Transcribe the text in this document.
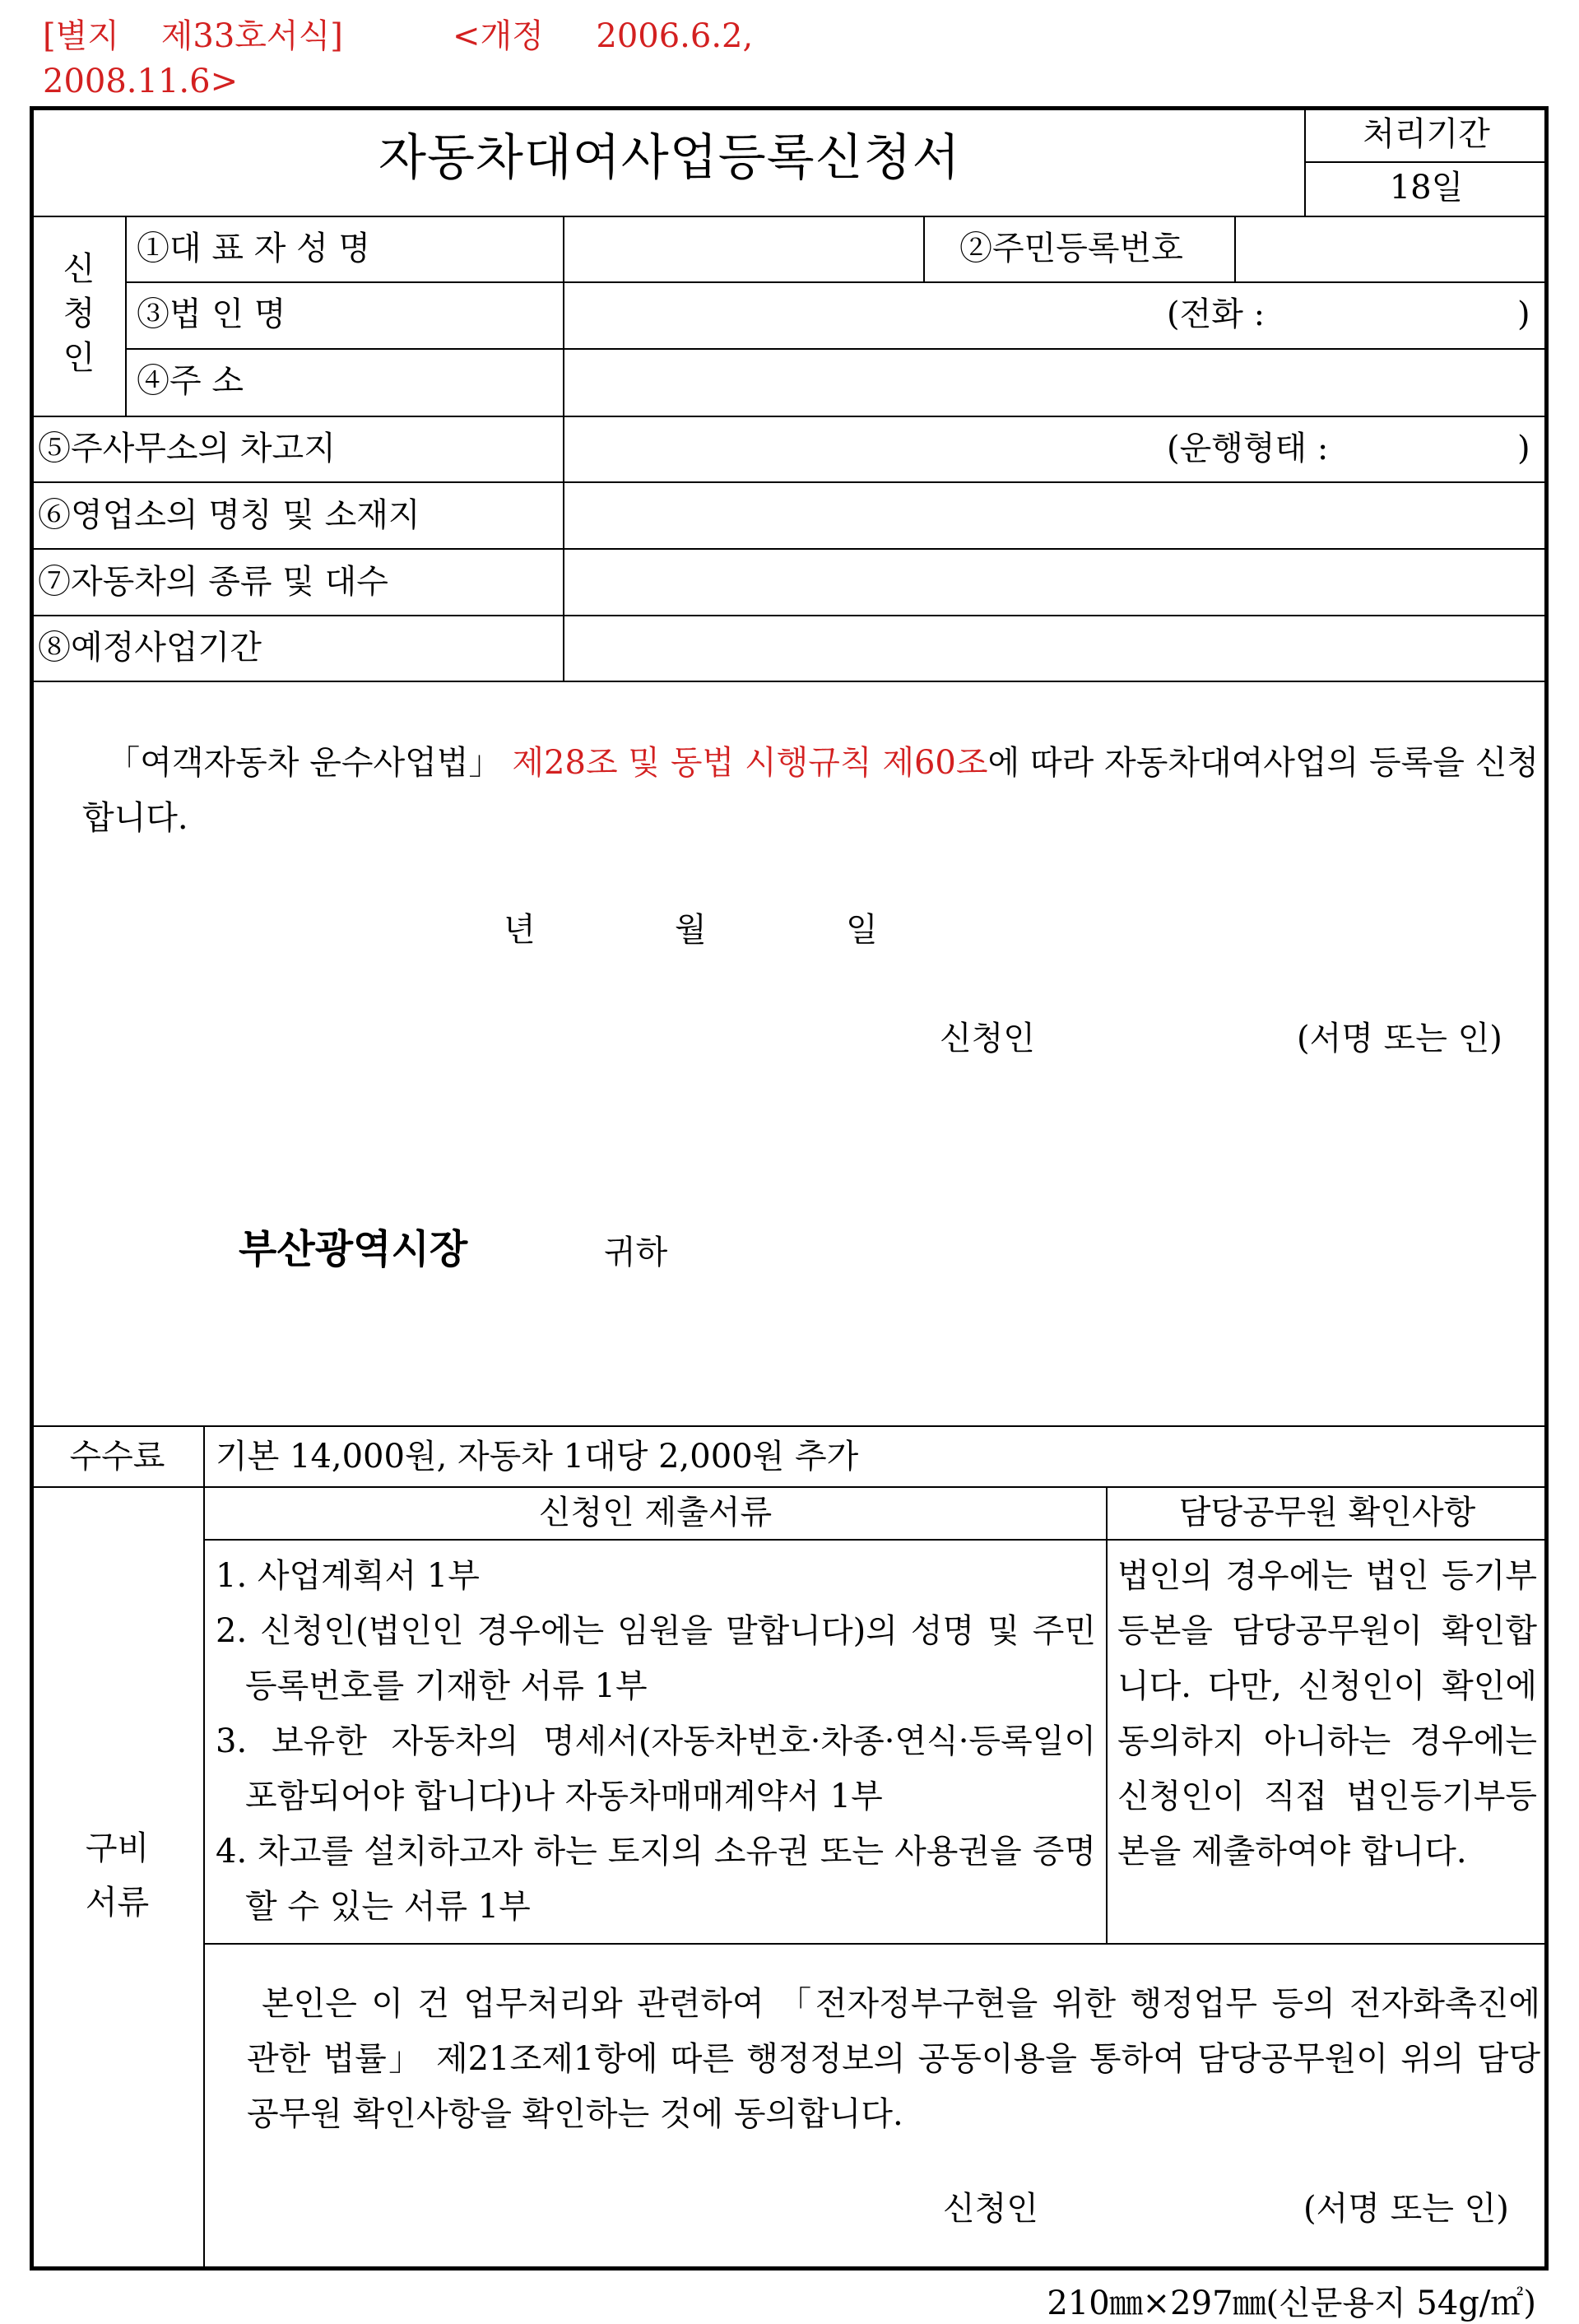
[별지    제33호서식]	<개정     2006.6.2,
2008.11.6>
자동차대여사업등록신청서	처리기간
18일
신
청
인
①대 표 자 성 명	②주민등록번호
③법 인 명	(전화 :	)
④주 소
⑤주사무소의 차고지	(운행형태 :	)
⑥영업소의 명칭 및 소재지
⑦자동차의 종류 및 대수
⑧예정사업기간
「여객자동차 운수사업법」 제28조 및 동법 시행규칙 제60조에 따라 자동차대여사업의 등록을 신청합니다.
년	월	일
신청인	(서명 또는 인)
부산광역시장	귀하
수수료	기본 14,000원, 자동차 1대당 2,000원 추가
구비
서류
신청인 제출서류	담당공무원 확인사항
1. 사업계획서 1부
2. 신청인(법인인 경우에는 임원을 말합니다)의 성명 및 주민등록번호를 기재한 서류 1부
3. 보유한 자동차의 명세서(자동차번호·차종·연식·등록일이 포함되어야 합니다)나 자동차매매계약서 1부
4. 차고를 설치하고자 하는 토지의 소유권 또는 사용권을 증명할 수 있는 서류 1부
법인의 경우에는 법인 등기부등본을 담당공무원이 확인합니다. 다만, 신청인이 확인에 동의하지 아니하는 경우에는 신청인이 직접 법인등기부등본을 제출하여야 합니다.
본인은 이 건 업무처리와 관련하여 「전자정부구현을 위한 행정업무 등의 전자화촉진에 관한 법률」 제21조제1항에 따른 행정정보의 공동이용을 통하여 담당공무원이 위의 담당공무원 확인사항을 확인하는 것에 동의합니다.
신청인	(서명 또는 인)
210㎜×297㎜(신문용지 54g/㎡)
